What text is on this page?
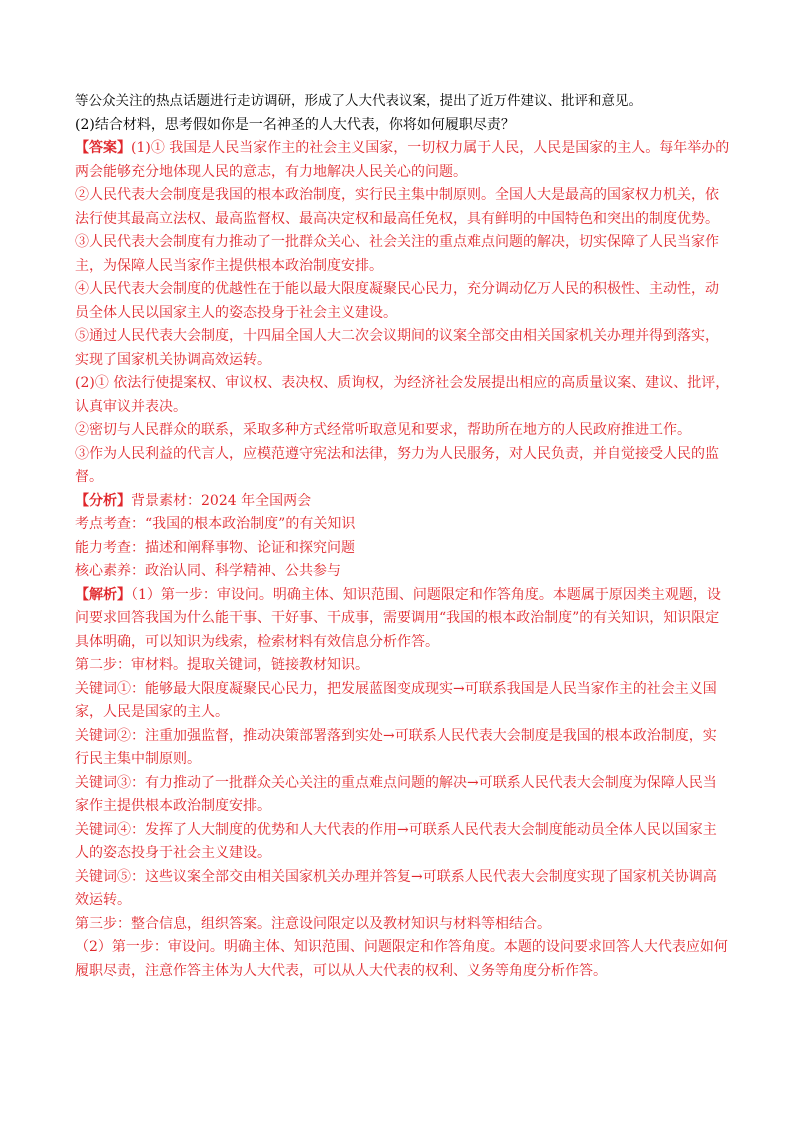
等公众关注的热点话题进行走访调研，形成了人大代表议案，提出了近万件建议、批评和意见。

(2)结合材料，思考假如你是一名神圣的人大代表，你将如何履职尽责？

【答案】(1)① 我国是人民当家作主的社会主义国家，一切权力属于人民，人民是国家的主人。每年举办的两会能够充分地体现人民的意志，有力地解决人民关心的问题。

②人民代表大会制度是我国的根本政治制度，实行民主集中制原则。全国人大是最高的国家权力机关，依法行使其最高立法权、最高监督权、最高决定权和最高任免权，具有鲜明的中国特色和突出的制度优势。

③人民代表大会制度有力推动了一批群众关心、社会关注的重点难点问题的解决，切实保障了人民当家作主，为保障人民当家作主提供根本政治制度安排。

④人民代表大会制度的优越性在于能以最大限度凝聚民心民力，充分调动亿万人民的积极性、主动性，动员全体人民以国家主人的姿态投身于社会主义建设。

⑤通过人民代表大会制度，十四届全国人大二次会议期间的议案全部交由相关国家机关办理并得到落实，实现了国家机关协调高效运转。

(2)① 依法行使提案权、审议权、表决权、质询权，为经济社会发展提出相应的高质量议案、建议、批评，认真审议并表决。

②密切与人民群众的联系，采取多种方式经常听取意见和要求，帮助所在地方的人民政府推进工作。

③作为人民利益的代言人，应模范遵守宪法和法律，努力为人民服务，对人民负责，并自觉接受人民的监督。

【分析】背景素材：2024 年全国两会

考点考查：“我国的根本政治制度”的有关知识

能力考查：描述和阐释事物、论证和探究问题

核心素养：政治认同、科学精神、公共参与

【解析】（1）第一步：审设问。明确主体、知识范围、问题限定和作答角度。本题属于原因类主观题，设问要求回答我国为什么能干事、干好事、干成事，需要调用“我国的根本政治制度”的有关知识，知识限定具体明确，可以知识为线索，检索材料有效信息分析作答。

第二步：审材料。提取关键词，链接教材知识。

关键词①：能够最大限度凝聚民心民力，把发展蓝图变成现实→可联系我国是人民当家作主的社会主义国家，人民是国家的主人。

关键词②：注重加强监督，推动决策部署落到实处→可联系人民代表大会制度是我国的根本政治制度，实行民主集中制原则。

关键词③：有力推动了一批群众关心关注的重点难点问题的解决→可联系人民代表大会制度为保障人民当家作主提供根本政治制度安排。

关键词④：发挥了人大制度的优势和人大代表的作用→可联系人民代表大会制度能动员全体人民以国家主人的姿态投身于社会主义建设。

关键词⑤：这些议案全部交由相关国家机关办理并答复→可联系人民代表大会制度实现了国家机关协调高效运转。

第三步：整合信息，组织答案。注意设问限定以及教材知识与材料等相结合。

（2）第一步：审设问。明确主体、知识范围、问题限定和作答角度。本题的设问要求回答人大代表应如何履职尽责，注意作答主体为人大代表，可以从人大代表的权利、义务等角度分析作答。
